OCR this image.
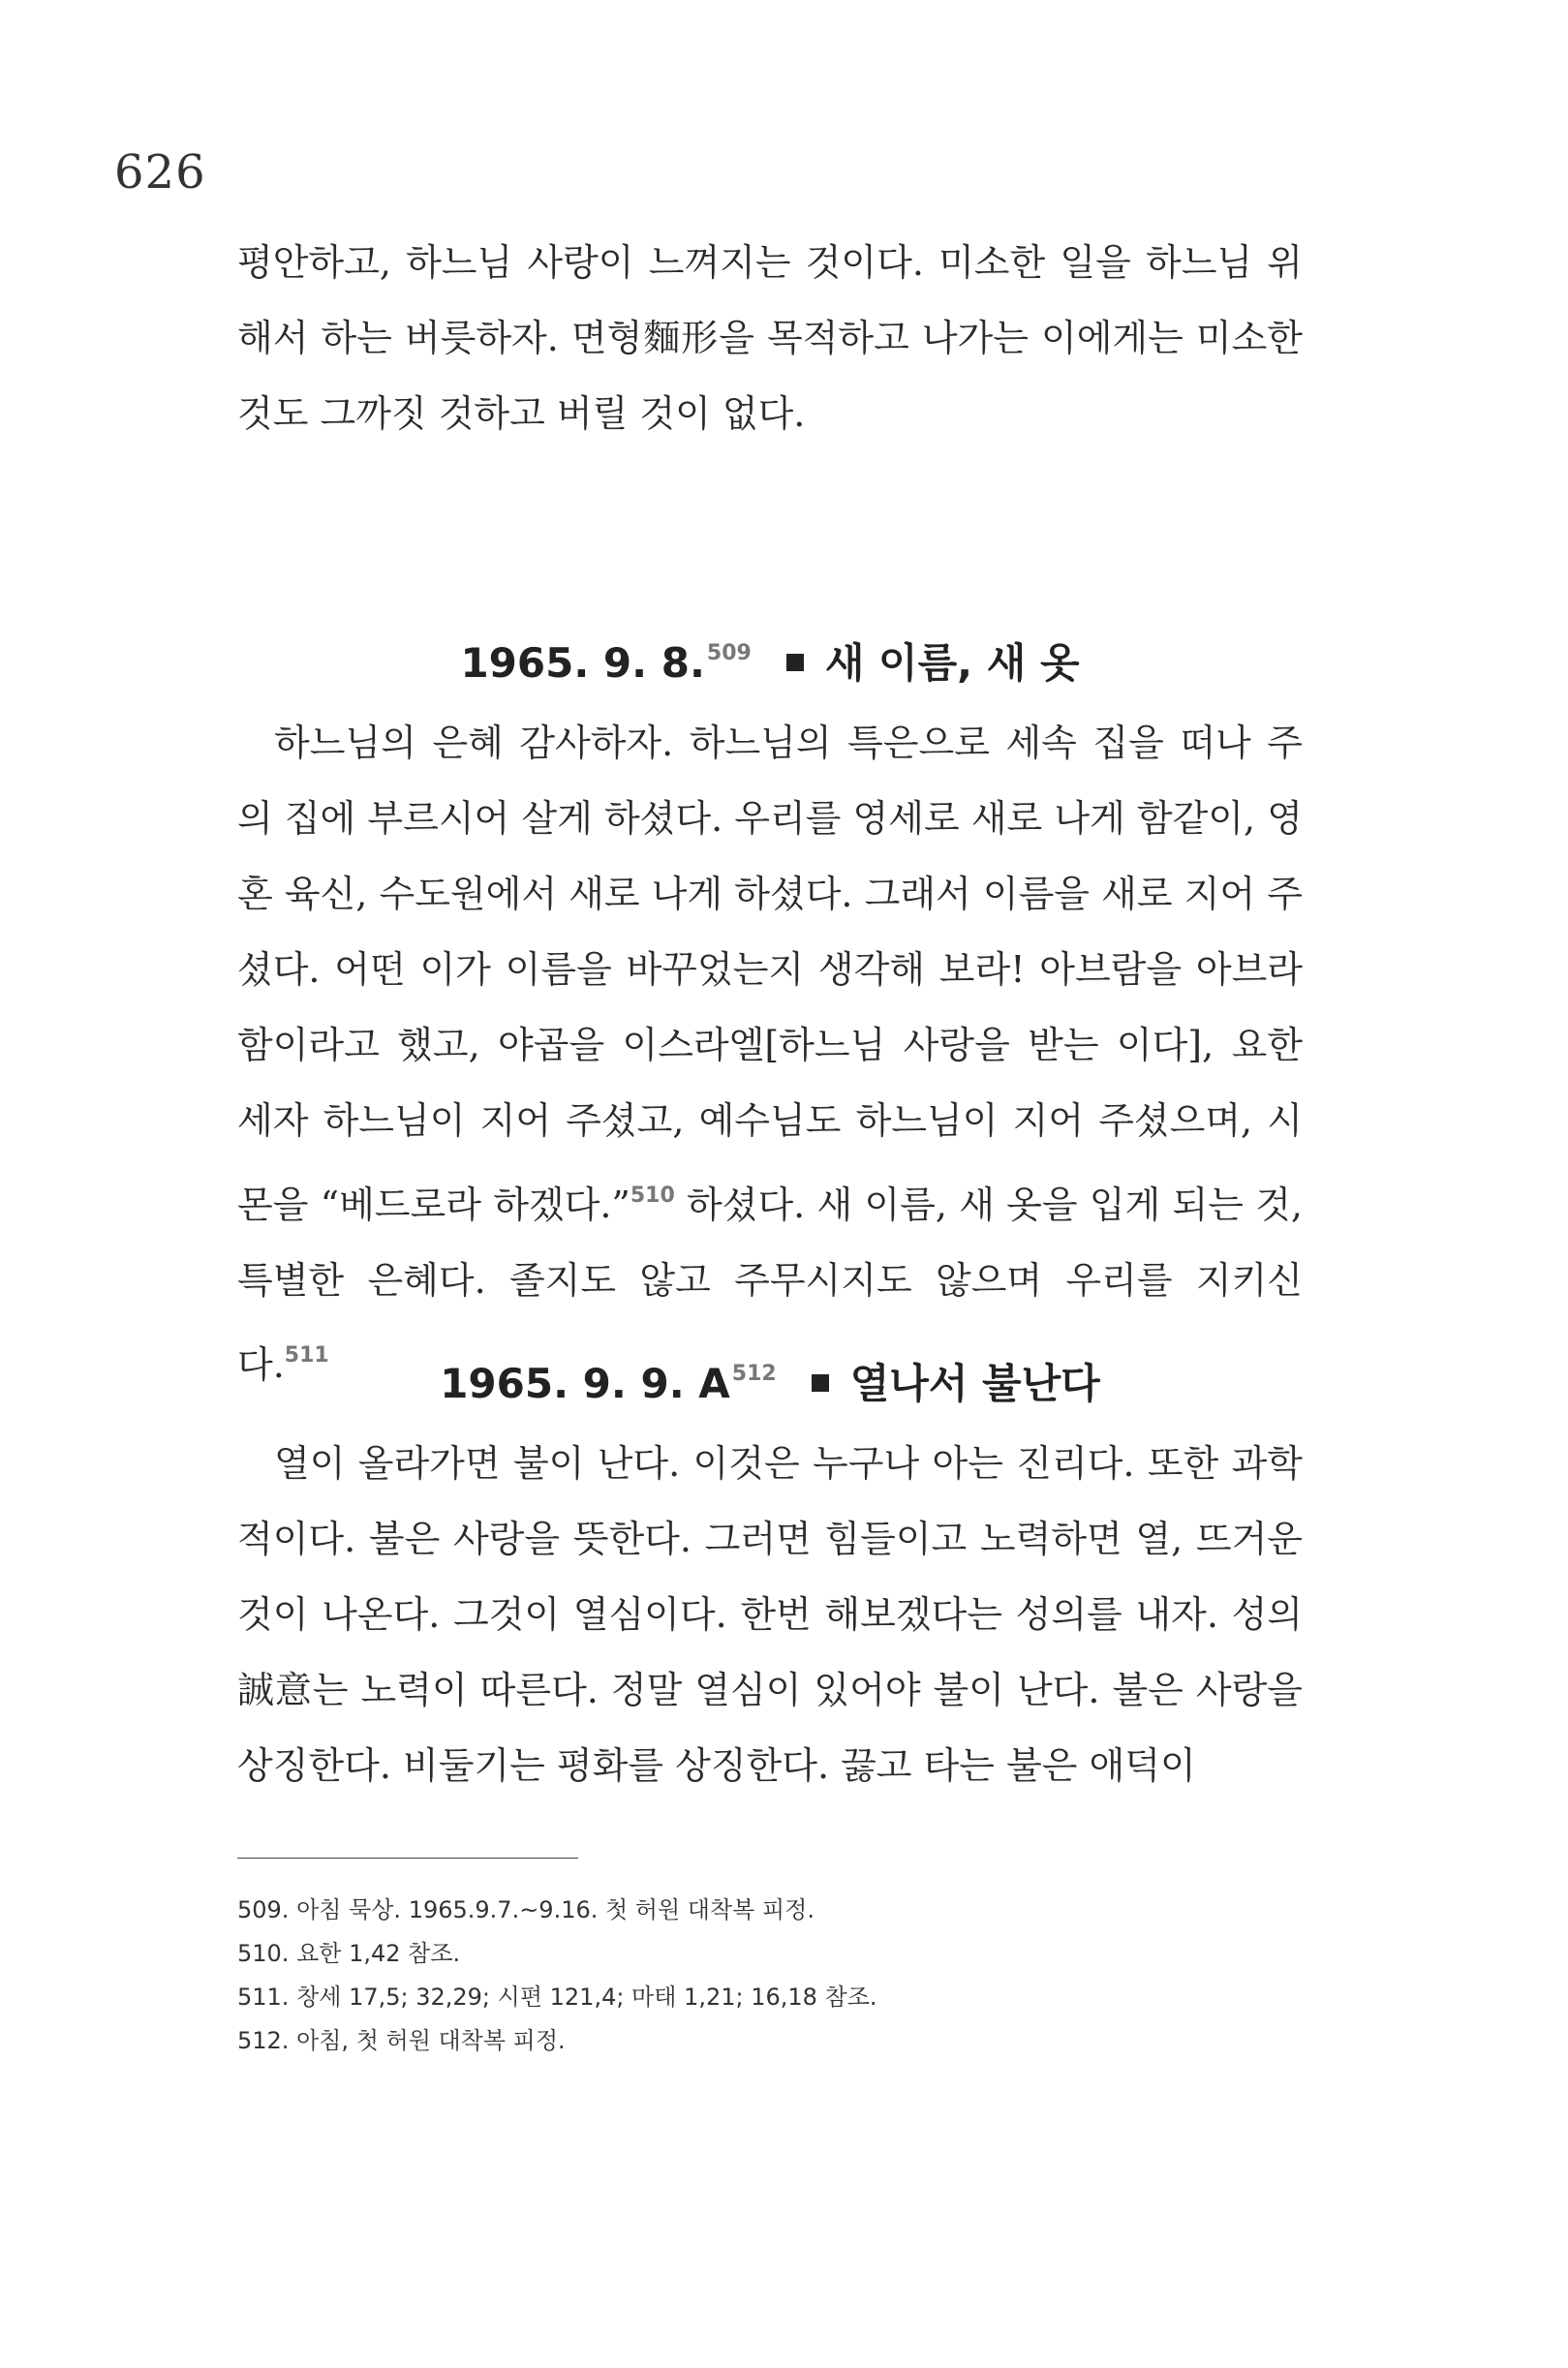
626

평안하고, 하느님 사랑이 느껴지는 것이다. 미소한 일을 하느님 위해서 하는 버릇하자. 면형麵形을 목적하고 나가는 이에게는 미소한 것도 그까짓 것하고 버릴 것이 없다.

1965. 9. 8.$^{509}$ 새 이름, 새 옷

하느님의 은혜 감사하자. 하느님의 특은으로 세속 집을 떠나 주의 집에 부르시어 살게 하셨다. 우리를 영세로 새로 나게 함같이, 영혼 육신, 수도원에서 새로 나게 하셨다. 그래서 이름을 새로 지어 주셨다. 어떤 이가 이름을 바꾸었는지 생각해 보라! 아브람을 아브라함이라고 했고, 야곱을 이스라엘[하느님 사랑을 받는 이다], 요한 세자 하느님이 지어 주셨고, 예수님도 하느님이 지어 주셨으며, 시몬을 “베드로라 하겠다.”$^{510}$ 하셨다. 새 이름, 새 옷을 입게 되는 것, 특별한 은혜다. 졸지도 않고 주무시지도 않으며 우리를 지키신다.$^{511}$

1965. 9. 9. $A^{512}$ 열나서 불난다

열이 올라가면 불이 난다. 이것은 누구나 아는 진리다. 또한 과학적이다. 불은 사랑을 뜻한다. 그러면 힘들이고 노력하면 열, 뜨거운 것이 나온다. 그것이 열심이다. 한번 해보겠다는 성의를 내자. 성의誠意는 노력이 따른다. 정말 열심이 있어야 불이 난다. 불은 사랑을 상징한다. 비둘기는 평화를 상징한다. 끓고 타는 불은 애덕이

509. 아침 묵상. 1965.9.7.~9.16. 첫 허원 대착복 피정.
510. 요한 1,42 참조.
511. 창세 17,5; 32,29; 시편 121,4; 마태 1,21; 16,18 참조.
512. 아침, 첫 허원 대착복 피정.
